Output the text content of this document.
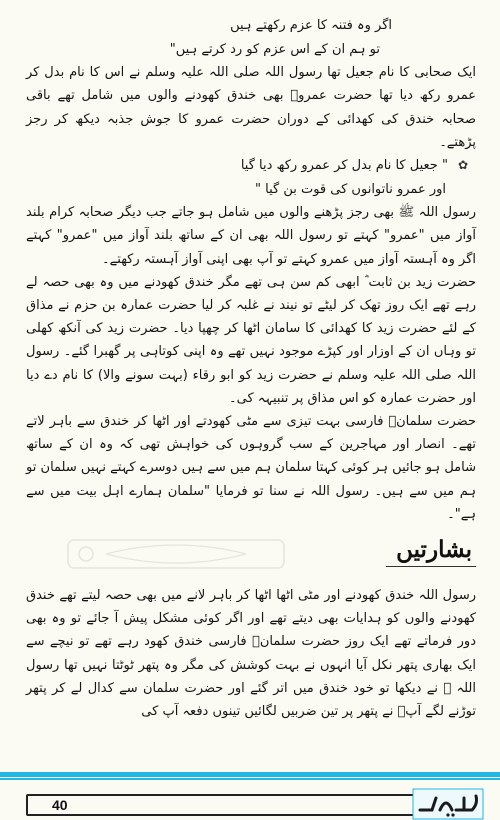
اگر وہ فتنہ کا عزم رکھتے ہیں

تو ہم ان کے اس عزم کو رد کرتے ہیں"

ایک صحابی کا نام جعیل تھا رسول اللہ صلی اللہ علیہ وسلم نے اس کا نام بدل کر عمرو رکھ دیا تھا حضرت عمروؓ بھی خندق کھودنے والوں میں شامل تھے باقی صحابہ خندق کی کھدائی کے دوران حضرت عمرو کا جوش جذبہ دیکھ کر رجز پڑھتے۔

✿
" جعیل کا نام بدل کر عمرو رکھ دیا گیا

اور عمرو ناتوانوں کی قوت بن گیا "

رسول اللہ ﷺ بھی رجز پڑھنے والوں میں شامل ہو جاتے جب دیگر صحابہ کرام بلند آواز میں "عمرو" کہتے تو رسول اللہ بھی ان کے ساتھ بلند آواز میں "عمرو" کہتے اگر وہ آہستہ آواز میں عمرو کہتے تو آپ بھی اپنی آواز آہستہ رکھتے۔

حضرت زید بن ثابت ؓ ابھی کم سن ہی تھے مگر خندق کھودنے میں وہ بھی حصہ لے رہے تھے ایک روز تھک کر لیٹے تو نیند نے غلبہ کر لیا حضرت عمارہ بن حزم نے مذاق کے لئے حضرت زید کا کھدائی کا سامان اٹھا کر چھپا دیا۔ حضرت زید کی آنکھ کھلی تو وہاں ان کے اوزار اور کپڑے موجود نہیں تھے وہ اپنی کوتاہی پر گھبرا گئے۔ رسول اللہ صلی اللہ علیہ وسلم نے حضرت زید کو ابو رقاء (بہت سونے والا) کا نام دے دیا اور حضرت عمارہ کو اس مذاق پر تنبیہہ کی۔

حضرت سلمانؓ فارسی بہت تیزی سے مٹی کھودتے اور اٹھا کر خندق سے باہر لاتے تھے۔ انصار اور مہاجرین کے سب گروہوں کی خواہش تھی کہ وہ ان کے ساتھ شامل ہو جائیں ہر کوئی کہتا سلمان ہم میں سے ہیں دوسرے کہتے نہیں سلمان تو ہم میں سے ہیں۔ رسول اللہ نے سنا تو فرمایا "سلمان ہمارے اہل بیت میں سے ہے"۔

بشارتیں

رسول اللہ خندق کھودنے اور مٹی اٹھا اٹھا کر باہر لانے میں بھی حصہ لیتے تھے خندق کھودنے والوں کو ہدایات بھی دیتے تھے اور اگر کوئی مشکل پیش آ جائے تو وہ بھی دور فرماتے تھے ایک روز حضرت سلمانؓ فارسی خندق کھود رہے تھے تو نیچے سے ایک بھاری پتھر نکل آیا انہوں نے بہت کوشش کی مگر وہ پتھر ٹوٹتا نہیں تھا رسول اللہ ﷺ نے دیکھا تو خود خندق میں اتر گئے اور حضرت سلمان سے کدال لے کر پتھر توڑنے لگے آپؐ نے پتھر پر تین ضربیں لگائیں تینوں دفعہ آپ کی

40
